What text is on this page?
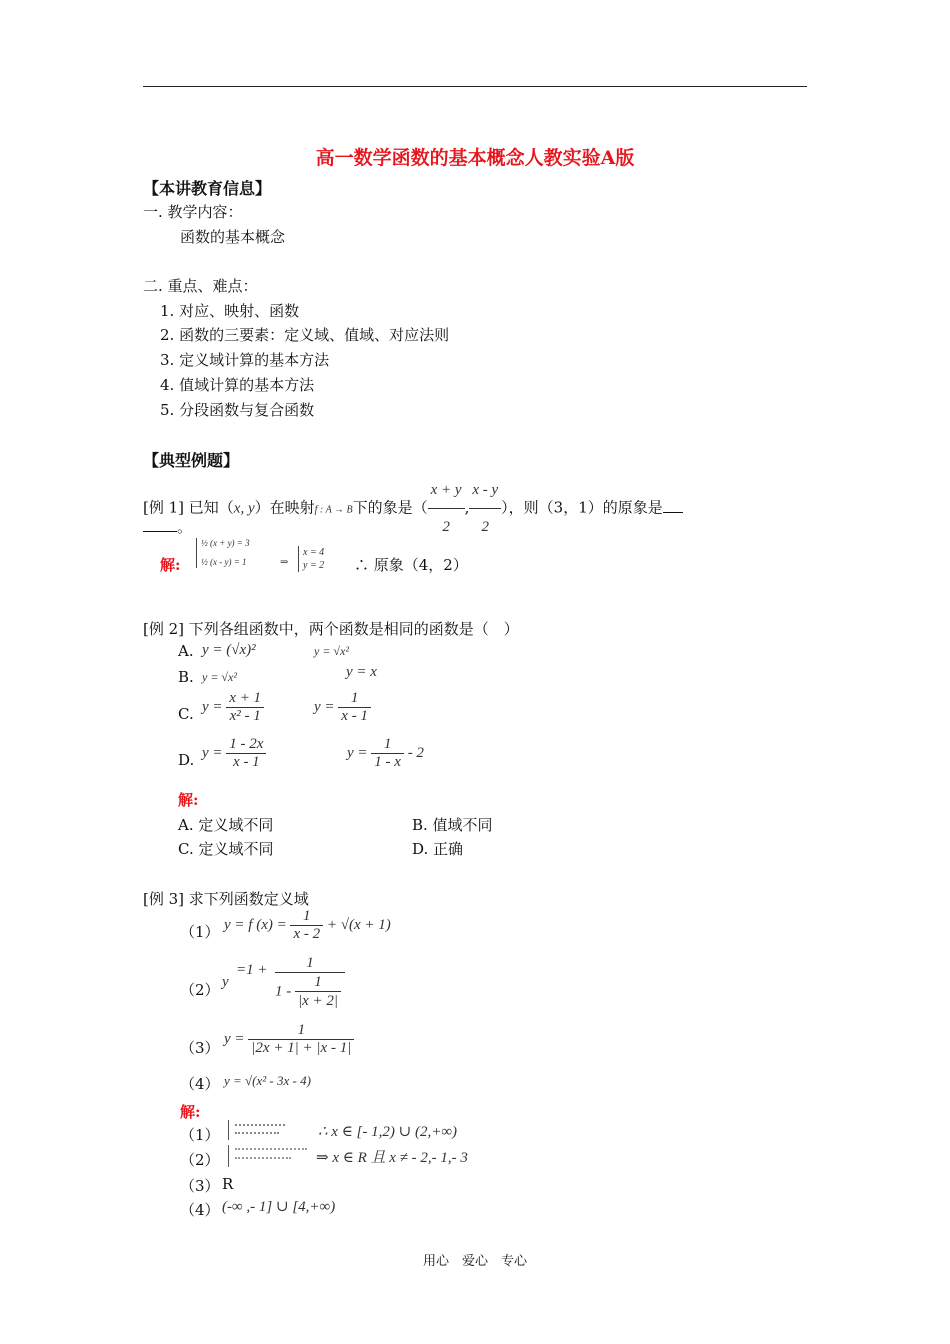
高一数学函数的基本概念人教实验A版
【本讲教育信息】
一. 教学内容：
函数的基本概念
二. 重点、难点：
1. 对应、映射、函数
2. 函数的三要素：定义域、值域、对应法则
3. 定义域计算的基本方法
4. 值域计算的基本方法
5. 分段函数与复合函数
【典型例题】
[例 1] 已知（x, y）在映射f : A → B下的象是（ $\frac{x + y}{2}$ , $\frac{x - y}{2}$ ），则（3，1）的原象是
。
解:
½ (x + y) = 3
½ (x - y) = 1	⇒
x = 4
y = 2 ∴ 原象（4，2）
[例 2] 下列各组函数中，两个函数是相同的函数是（　）
A. y = (√x)²	y = √x²
B. y = √x²	y = x
C. $y = \frac{x + 1}{\text{x² - 1}}$	$y = \frac{1}{x - 1}$
D. $y = \frac{1 - 2x}{x - 1}$	$y = \frac{1}{1 - x} - 2$
解:
A. 定义域不同	B. 值域不同
C. 定义域不同	D. 正确
[例 3] 求下列函数定义域
（1） y = f $(x) = \frac{1}{x - 2} + √(x + 1)$
（2） y
=1 +	1
$1 - \frac{1}{|x + 2|}$
（3） $y = \frac{1}{|2x + 1| + |x - 1|}$
（4） y = √(x² - 3x - 4)
解:
（1）	∴ x ∈ [- 1,2) ∪ (2,+∞)
（2）	⇒ x ∈ R 且 x ≠ - 2,- 1,- 3
（3） R
（4） (-∞ ,- 1] ∪ [4,+∞)
用心　爱心　专心
